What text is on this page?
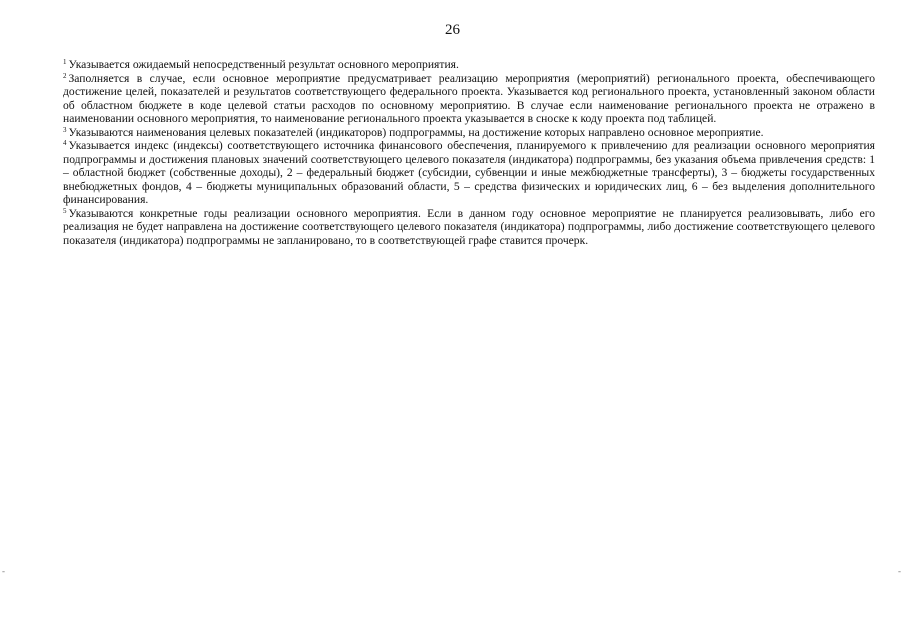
26

$^1$ Указывается ожидаемый непосредственный результат основного мероприятия.

$^2$ Заполняется в случае, если основное мероприятие предусматривает реализацию мероприятия (мероприятий) регионального проекта, обеспечивающего достижение целей, показателей и результатов соответствующего федерального проекта. Указывается код регионального проекта, установленный законом области об областном бюджете в коде целевой статьи расходов по основному мероприятию. В случае если наименование регионального проекта не отражено в наименовании основного мероприятия, то наименование регионального проекта указывается в сноске к коду проекта под таблицей.

$^3$ Указываются наименования целевых показателей (индикаторов) подпрограммы, на достижение которых направлено основное мероприятие.

$^4$ Указывается индекс (индексы) соответствующего источника финансового обеспечения, планируемого к привлечению для реализации основного мероприятия подпрограммы и достижения плановых значений соответствующего целевого показателя (индикатора) подпрограммы, без указания объема привлечения средств: 1 – областной бюджет (собственные доходы), 2 – федеральный бюджет (субсидии, субвенции и иные межбюджетные трансферты), 3 – бюджеты государственных внебюджетных фондов, 4 – бюджеты муниципальных образований области, 5 – средства физических и юридических лиц, 6 – без выделения дополнительного финансирования.

$^5$ Указываются конкретные годы реализации основного мероприятия. Если в данном году основное мероприятие не планируется реализовывать, либо его реализация не будет направлена на достижение соответствующего целевого показателя (индикатора) подпрограммы, либо достижение соответствующего целевого показателя (индикатора) подпрограммы не запланировано, то в соответствующей графе ставится прочерк.

-	-
